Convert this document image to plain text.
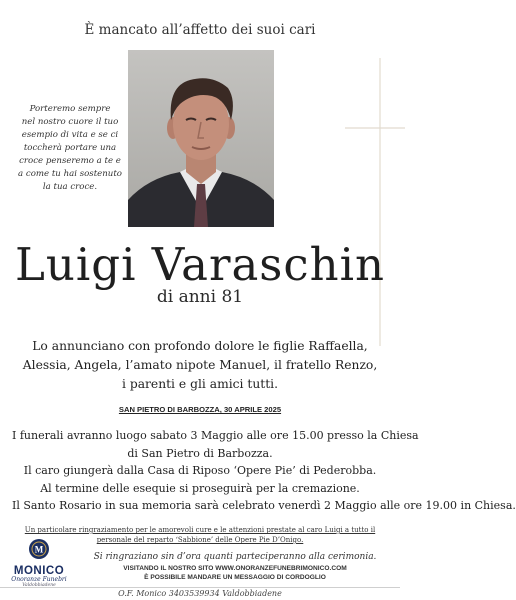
È mancato all’affetto dei suoi cari
Porteremo sempre
nel nostro cuore il tuo
esempio di vita e se ci
toccherà portare una
croce penseremo a te e
a come tu hai sostenuto
la tua croce.
Luigi Varaschin
di anni 81
Lo annunciano con profondo dolore le figlie Raffaella, Alessia, Angela, l’amato nipote Manuel, il fratello Renzo, i parenti e gli amici tutti.
SAN PIETRO DI BARBOZZA, 30 APRILE 2025
I funerali avranno luogo sabato 3 Maggio alle ore 15.00 presso la Chiesa
di San Pietro di Barbozza.
Il caro giungerà dalla Casa di Riposo ‘Opere Pie’ di Pederobba.
Al termine delle esequie si proseguirà per la cremazione.
Il Santo Rosario in sua memoria sarà celebrato venerdì 2 Maggio alle ore 19.00 in Chiesa.
Un particolare ringraziamento per le amorevoli cure e le attenzioni prestate al caro Luigi a tutto il
personale del reparto ‘Sabbione’ delle Opere Pie D’Onigo.
M
MONICO
Onoranze Funebri
Valdobbiadene
Si ringraziano sin d’ora quanti parteciperanno alla cerimonia.
VISITANDO IL NOSTRO SITO WWW.ONORANZEFUNEBRIMONICO.COM
È POSSIBILE MANDARE UN MESSAGGIO DI CORDOGLIO
O.F. Monico 3403539934 Valdobbiadene
